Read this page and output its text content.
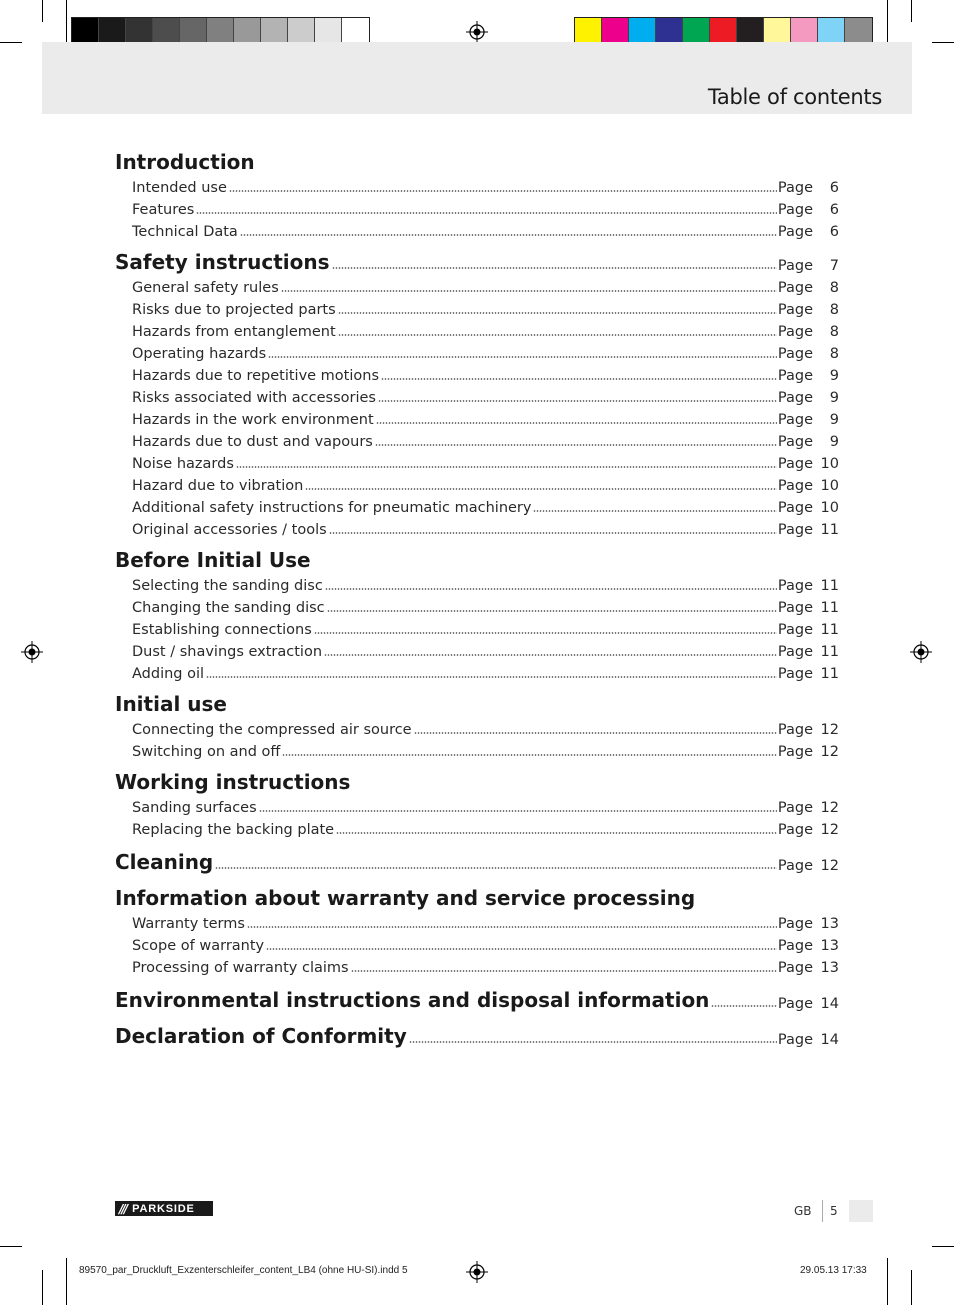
Table of contents
Introduction
Intended use	Page	6
Features	Page	6
Technical Data	Page	6
Safety instructions	Page	7
General safety rules	Page	8
Risks due to projected parts	Page	8
Hazards from entanglement	Page	8
Operating hazards	Page	8
Hazards due to repetitive motions	Page	9
Risks associated with accessories	Page	9
Hazards in the work environment	Page	9
Hazards due to dust and vapours	Page	9
Noise hazards	Page 10
Hazard due to vibration	Page 10
Additional safety instructions for pneumatic machinery	Page 10
Original accessories / tools	Page 11
Before Initial Use
Selecting the sanding disc	Page 11
Changing the sanding disc	Page 11
Establishing connections	Page 11
Dust / shavings extraction	Page 11
Adding oil	Page 11
Initial use
Connecting the compressed air source	Page 12
Switching on and off	Page 12
Working instructions
Sanding surfaces	Page 12
Replacing the backing plate	Page 12
Cleaning	Page 12
Information about warranty and service processing
Warranty terms	Page 13
Scope of warranty	Page 13
Processing of warranty claims	Page 13
Environmental instructions and disposal information	Page 14
Declaration of Conformity	Page 14
/// PARKSIDE	GB 5
89570_par_Druckluft_Exzenterschleifer_content_LB4 (ohne HU-SI).indd 5	29.05.13 17:33
